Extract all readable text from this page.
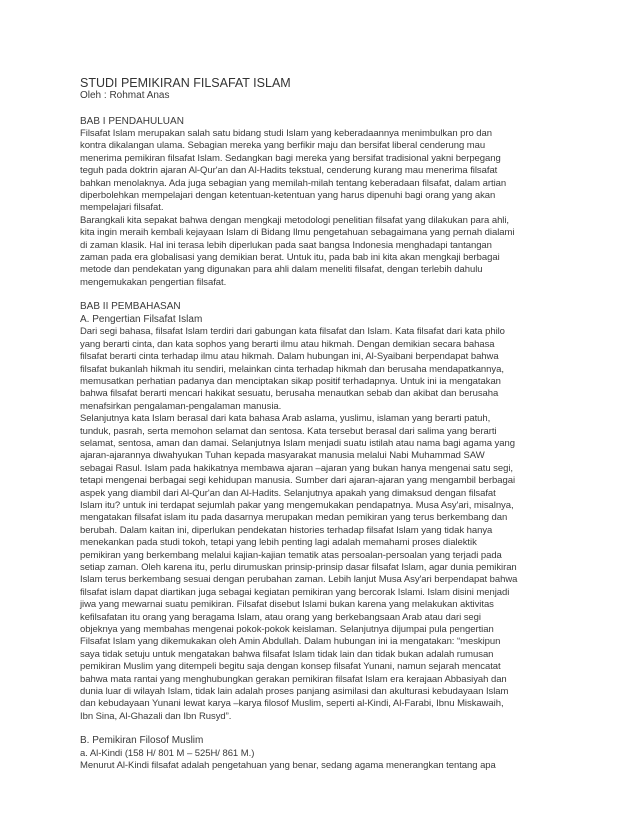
STUDI PEMIKIRAN FILSAFAT ISLAM

Oleh : Rohmat Anas

BAB I PENDAHULUAN

Filsafat Islam merupakan salah satu bidang studi Islam yang keberadaannya menimbulkan pro dan
kontra dikalangan ulama. Sebagian mereka yang berfikir maju dan bersifat liberal cenderung mau
menerima pemikiran filsafat Islam. Sedangkan bagi mereka yang bersifat tradisional yakni berpegang
teguh pada doktrin ajaran Al-Qur'an dan Al-Hadits tekstual, cenderung kurang mau menerima filsafat
bahkan menolaknya. Ada juga sebagian yang memilah-milah tentang keberadaan filsafat, dalam artian
diperbolehkan mempelajari dengan ketentuan-ketentuan yang harus dipenuhi bagi orang yang akan
mempelajari filsafat.

Barangkali kita sepakat bahwa dengan mengkaji metodologi penelitian filsafat yang dilakukan para ahli,
kita ingin meraih kembali kejayaan Islam di Bidang Ilmu pengetahuan sebagaimana yang pernah dialami
di zaman klasik. Hal ini terasa lebih diperlukan pada saat bangsa Indonesia menghadapi tantangan
zaman pada era globalisasi yang demikian berat. Untuk itu, pada bab ini kita akan mengkaji berbagai
metode dan pendekatan yang digunakan para ahli dalam meneliti filsafat, dengan terlebih dahulu
mengemukakan pengertian filsafat.

BAB II PEMBAHASAN

A. Pengertian Filsafat Islam

Dari segi bahasa, filsafat Islam terdiri dari gabungan kata filsafat dan Islam. Kata filsafat dari kata philo
yang berarti cinta, dan kata sophos yang berarti ilmu atau hikmah. Dengan demikian secara bahasa
filsafat berarti cinta terhadap ilmu atau hikmah. Dalam hubungan ini, Al-Syaibani berpendapat bahwa
filsafat bukanlah hikmah itu sendiri, melainkan cinta terhadap hikmah dan berusaha mendapatkannya,
memusatkan perhatian padanya dan menciptakan sikap positif terhadapnya. Untuk ini ia mengatakan
bahwa filsafat berarti mencari hakikat sesuatu, berusaha menautkan sebab dan akibat dan berusaha
menafsirkan pengalaman-pengalaman manusia.

Selanjutnya kata Islam berasal dari kata bahasa Arab aslama, yuslimu, islaman yang berarti patuh,
tunduk, pasrah, serta memohon selamat dan sentosa. Kata tersebut berasal dari salima yang berarti
selamat, sentosa, aman dan damai. Selanjutnya Islam menjadi suatu istilah atau nama bagi agama yang
ajaran-ajarannya diwahyukan Tuhan kepada masyarakat manusia melalui Nabi Muhammad SAW
sebagai Rasul. Islam pada hakikatnya membawa ajaran –ajaran yang bukan hanya mengenai satu segi,
tetapi mengenai berbagai segi kehidupan manusia. Sumber dari ajaran-ajaran yang mengambil berbagai
aspek yang diambil dari Al-Qur'an dan Al-Hadits. Selanjutnya apakah yang dimaksud dengan filsafat
Islam itu? untuk ini terdapat sejumlah pakar yang mengemukakan pendapatnya. Musa Asy'ari, misalnya,
mengatakan filsafat islam itu pada dasarnya merupakan medan pemikiran yang terus berkembang dan
berubah. Dalam kaitan ini, diperlukan pendekatan histories terhadap filsafat Islam yang tidak hanya
menekankan pada studi tokoh, tetapi yang lebih penting lagi adalah memahami proses dialektik
pemikiran yang berkembang melalui kajian-kajian tematik atas persoalan-persoalan yang terjadi pada
setiap zaman. Oleh karena itu, perlu dirumuskan prinsip-prinsip dasar filsafat Islam, agar dunia pemikiran
Islam terus berkembang sesuai dengan perubahan zaman. Lebih lanjut Musa Asy'ari berpendapat bahwa
filsafat islam dapat diartikan juga sebagai kegiatan pemikiran yang bercorak Islami. Islam disini menjadi
jiwa yang mewarnai suatu pemikiran. Filsafat disebut Islami bukan karena yang melakukan aktivitas
kefilsafatan itu orang yang beragama Islam, atau orang yang berkebangsaan Arab atau dari segi
objeknya yang membahas mengenai pokok-pokok keislaman. Selanjutnya dijumpai pula pengertian
Filsafat Islam yang dikemukakan oleh Amin Abdullah. Dalam hubungan ini ia mengatakan: “meskipun
saya tidak setuju untuk mengatakan bahwa filsafat Islam tidak lain dan tidak bukan adalah rumusan
pemikiran Muslim yang ditempeli begitu saja dengan konsep filsafat Yunani, namun sejarah mencatat
bahwa mata rantai yang menghubungkan gerakan pemikiran filsafat Islam era kerajaan Abbasiyah dan
dunia luar di wilayah Islam, tidak lain adalah proses panjang asimilasi dan akulturasi kebudayaan Islam
dan kebudayaan Yunani lewat karya –karya filosof Muslim, seperti al-Kindi, Al-Farabi, Ibnu Miskawaih,
Ibn Sina, Al-Ghazali dan Ibn Rusyd”.

B. Pemikiran Filosof Muslim

a. Al-Kindi (158 H/ 801 M – 525H/ 861 M.)

Menurut Al-Kindi filsafat adalah pengetahuan yang benar, sedang agama menerangkan tentang apa
